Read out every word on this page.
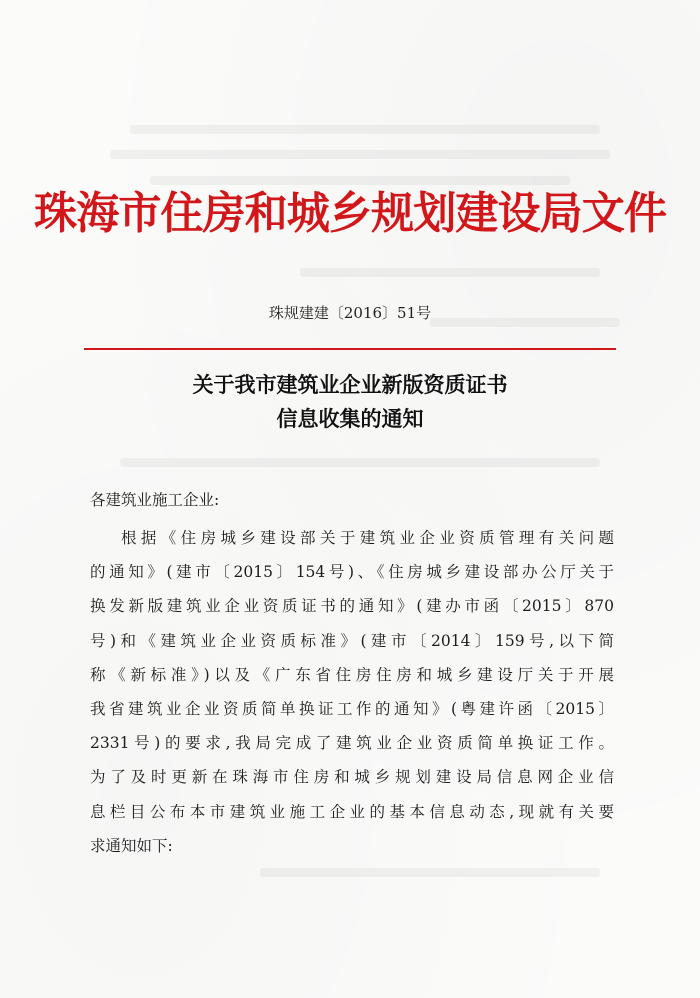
珠海市住房和城乡规划建设局文件
珠规建建〔2016〕51号
关于我市建筑业企业新版资质证书
信息收集的通知
各建筑业施工企业:
根据《住房城乡建设部关于建筑业企业资质管理有关问题
的通知》(建市〔2015〕154号)、《住房城乡建设部办公厅关于
换发新版建筑业企业资质证书的通知》(建办市函〔2015〕870
号)和《建筑业企业资质标准》(建市〔2014〕159号,以下简
称《新标准》)以及《广东省住房住房和城乡建设厅关于开展
我省建筑业企业资质简单换证工作的通知》(粤建许函〔2015〕
2331号)的要求,我局完成了建筑业企业资质简单换证工作。
为了及时更新在珠海市住房和城乡规划建设局信息网企业信
息栏目公布本市建筑业施工企业的基本信息动态,现就有关要
求通知如下:
